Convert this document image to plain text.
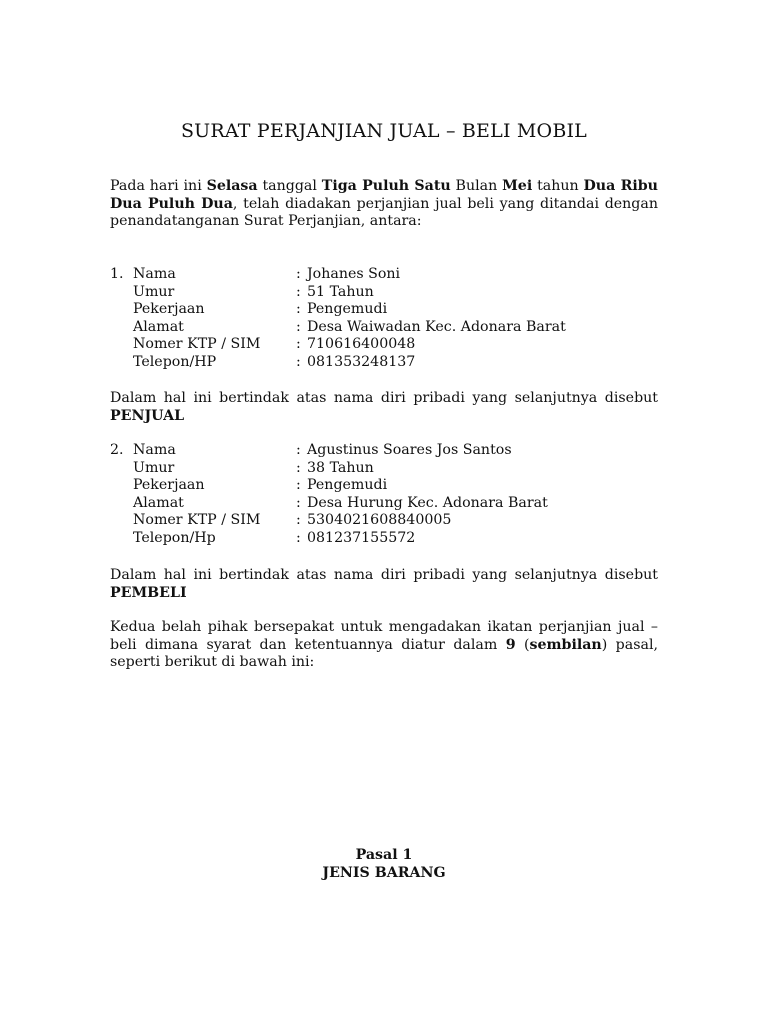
SURAT PERJANJIAN JUAL – BELI MOBIL

Pada hari ini Selasa tanggal Tiga Puluh Satu Bulan Mei tahun Dua Ribu Dua Puluh Dua, telah diadakan perjanjian jual beli yang ditandai dengan penandatanganan Surat Perjanjian, antara:

1. Nama	: Johanes Soni
Umur	: 51 Tahun
Pekerjaan	: Pengemudi
Alamat	: Desa Waiwadan Kec. Adonara Barat
Nomer KTP / SIM	: 710616400048
Telepon/HP	: 081353248137

Dalam hal ini bertindak atas nama diri pribadi yang selanjutnya disebut PENJUAL

2. Nama	: Agustinus Soares Jos Santos
Umur	: 38 Tahun
Pekerjaan	: Pengemudi
Alamat	: Desa Hurung Kec. Adonara Barat
Nomer KTP / SIM	: 5304021608840005
Telepon/Hp	: 081237155572

Dalam hal ini bertindak atas nama diri pribadi yang selanjutnya disebut PEMBELI

Kedua belah pihak bersepakat untuk mengadakan ikatan perjanjian jual – beli dimana syarat dan ketentuannya diatur dalam 9 (sembilan) pasal, seperti berikut di bawah ini:

Pasal 1

JENIS BARANG
